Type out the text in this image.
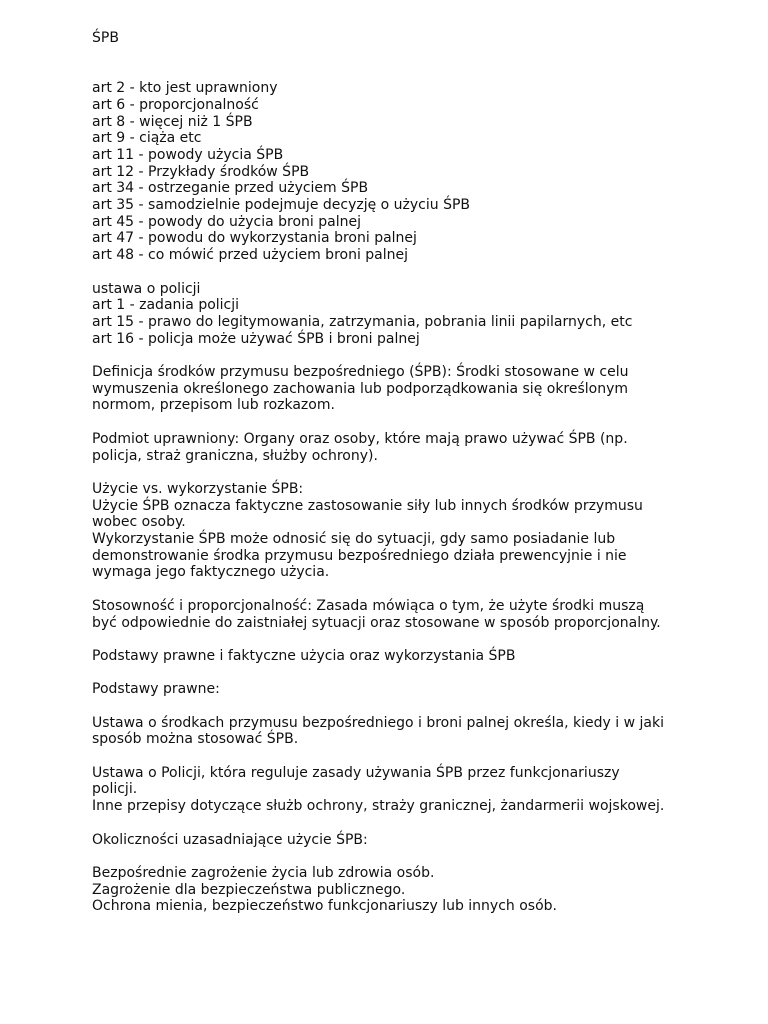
ŚPB
art 2 - kto jest uprawniony
art 6 - proporcjonalność
art 8 - więcej niż 1 ŚPB
art 9 - ciąża etc
art 11 - powody użycia ŚPB
art 12 - Przykłady środków ŚPB
art 34 - ostrzeganie przed użyciem ŚPB
art 35 - samodzielnie podejmuje decyzję o użyciu ŚPB
art 45 - powody do użycia broni palnej
art 47 - powodu do wykorzystania broni palnej
art 48 - co mówić przed użyciem broni palnej
ustawa o policji
art 1 - zadania policji
art 15 - prawo do legitymowania, zatrzymania, pobrania linii papilarnych, etc
art 16 - policja może używać ŚPB i broni palnej
Definicja środków przymusu bezpośredniego (ŚPB): Środki stosowane w celu
wymuszenia określonego zachowania lub podporządkowania się określonym
normom, przepisom lub rozkazom.
Podmiot uprawniony: Organy oraz osoby, które mają prawo używać ŚPB (np.
policja, straż graniczna, służby ochrony).
Użycie vs. wykorzystanie ŚPB:
Użycie ŚPB oznacza faktyczne zastosowanie siły lub innych środków przymusu
wobec osoby.
Wykorzystanie ŚPB może odnosić się do sytuacji, gdy samo posiadanie lub
demonstrowanie środka przymusu bezpośredniego działa prewencyjnie i nie
wymaga jego faktycznego użycia.
Stosowność i proporcjonalność: Zasada mówiąca o tym, że użyte środki muszą
być odpowiednie do zaistniałej sytuacji oraz stosowane w sposób proporcjonalny.
Podstawy prawne i faktyczne użycia oraz wykorzystania ŚPB
Podstawy prawne:
Ustawa o środkach przymusu bezpośredniego i broni palnej określa, kiedy i w jaki
sposób można stosować ŚPB.
Ustawa o Policji, która reguluje zasady używania ŚPB przez funkcjonariuszy
policji.
Inne przepisy dotyczące służb ochrony, straży granicznej, żandarmerii wojskowej.
Okoliczności uzasadniające użycie ŚPB:
Bezpośrednie zagrożenie życia lub zdrowia osób.
Zagrożenie dla bezpieczeństwa publicznego.
Ochrona mienia, bezpieczeństwo funkcjonariuszy lub innych osób.
